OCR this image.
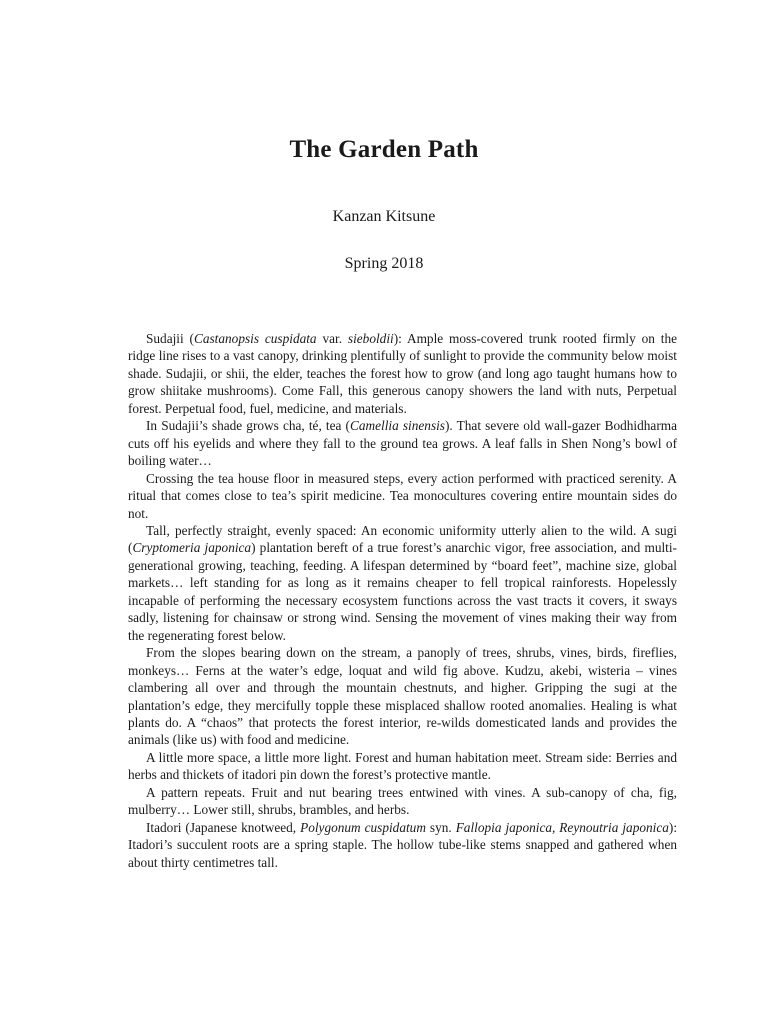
The Garden Path
Kanzan Kitsune
Spring 2018

Sudajii (Castanopsis cuspidata var. sieboldii): Ample moss-covered trunk rooted firmly on the ridge line rises to a vast canopy, drinking plentifully of sunlight to provide the community below moist shade. Sudajii, or shii, the elder, teaches the forest how to grow (and long ago taught humans how to grow shiitake mushrooms). Come Fall, this generous canopy showers the land with nuts, Perpetual forest. Perpetual food, fuel, medicine, and materials.

In Sudajii’s shade grows cha, té, tea (Camellia sinensis). That severe old wall-gazer Bodhidharma cuts off his eyelids and where they fall to the ground tea grows. A leaf falls in Shen Nong’s bowl of boiling water…

Crossing the tea house floor in measured steps, every action performed with practiced serenity. A ritual that comes close to tea’s spirit medicine. Tea monocultures covering entire mountain sides do not.

Tall, perfectly straight, evenly spaced: An economic uniformity utterly alien to the wild. A sugi (Cryptomeria japonica) plantation bereft of a true forest’s anarchic vigor, free association, and multi-generational growing, teaching, feeding. A lifespan determined by “board feet”, machine size, global markets… left standing for as long as it remains cheaper to fell tropical rainforests. Hopelessly incapable of performing the necessary ecosystem functions across the vast tracts it covers, it sways sadly, listening for chainsaw or strong wind. Sensing the movement of vines making their way from the regenerating forest below.

From the slopes bearing down on the stream, a panoply of trees, shrubs, vines, birds, fireflies, monkeys… Ferns at the water’s edge, loquat and wild fig above. Kudzu, akebi, wisteria – vines clambering all over and through the mountain chestnuts, and higher. Gripping the sugi at the plantation’s edge, they mercifully topple these misplaced shallow rooted anomalies. Healing is what plants do. A “chaos” that protects the forest interior, re-wilds domesticated lands and provides the animals (like us) with food and medicine.

A little more space, a little more light. Forest and human habitation meet. Stream side: Berries and herbs and thickets of itadori pin down the forest’s protective mantle.

A pattern repeats. Fruit and nut bearing trees entwined with vines. A sub-canopy of cha, fig, mulberry… Lower still, shrubs, brambles, and herbs.

Itadori (Japanese knotweed, Polygonum cuspidatum syn. Fallopia japonica, Reynoutria japonica): Itadori’s succulent roots are a spring staple. The hollow tube-like stems snapped and gathered when about thirty centimetres tall.
